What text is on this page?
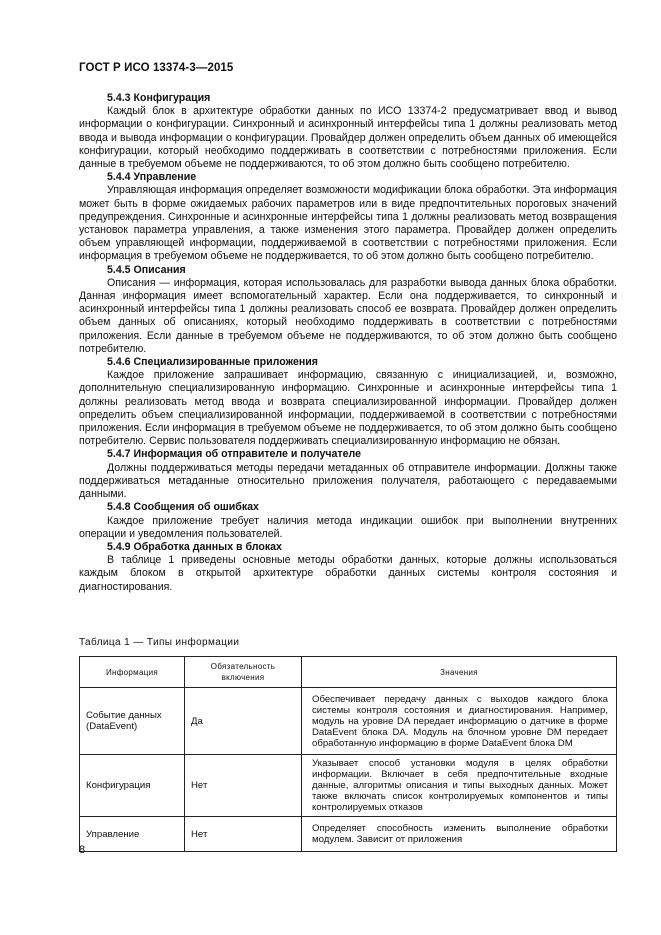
ГОСТ Р ИСО 13374-3—2015

5.4.3 Конфигурация

Каждый блок в архитектуре обработки данных по ИСО 13374-2 предусматривает ввод и вывод информации о конфигурации. Синхронный и асинхронный интерфейсы типа 1 должны реализовать метод ввода и вывода информации о конфигурации. Провайдер должен определить объем данных об имеющейся конфигурации, который необходимо поддерживать в соответствии с потребностями приложения. Если данные в требуемом объеме не поддерживаются, то об этом должно быть сообщено потребителю.

5.4.4 Управление

Управляющая информация определяет возможности модификации блока обработки. Эта информация может быть в форме ожидаемых рабочих параметров или в виде предпочтительных пороговых значений предупреждения. Синхронные и асинхронные интерфейсы типа 1 должны реализовать метод возвращения установок параметра управления, а также изменения этого параметра. Провайдер должен определить объем управляющей информации, поддерживаемой в соответствии с потребностями приложения. Если информация в требуемом объеме не поддерживается, то об этом должно быть сообщено потребителю.

5.4.5 Описания

Описания — информация, которая использовалась для разработки вывода данных блока обработки. Данная информация имеет вспомогательный характер. Если она поддерживается, то синхронный и асинхронный интерфейсы типа 1 должны реализовать способ ее возврата. Провайдер должен определить объем данных об описаниях, который необходимо поддерживать в соответствии с потребностями приложения. Если данные в требуемом объеме не поддерживаются, то об этом должно быть сообщено потребителю.

5.4.6 Специализированные приложения

Каждое приложение запрашивает информацию, связанную с инициализацией, и, возможно, дополнительную специализированную информацию. Синхронные и асинхронные интерфейсы типа 1 должны реализовать метод ввода и возврата специализированной информации. Провайдер должен определить объем специализированной информации, поддерживаемой в соответствии с потребностями приложения. Если информация в требуемом объеме не поддерживается, то об этом должно быть сообщено потребителю. Сервис пользователя поддерживать специализированную информацию не обязан.

5.4.7 Информация об отправителе и получателе

Должны поддерживаться методы передачи метаданных об отправителе информации. Должны также поддерживаться метаданные относительно приложения получателя, работающего с передаваемыми данными.

5.4.8 Сообщения об ошибках

Каждое приложение требует наличия метода индикации ошибок при выполнении внутренних операции и уведомления пользователей.

5.4.9 Обработка данных в блоках

В таблице 1 приведены основные методы обработки данных, которые должны использоваться каждым блоком в открытой архитектуре обработки данных системы контроля состояния и диагностирования.

Таблица 1 — Типы информации
Информация	Обязательность включения	Значения
Событие данных (DataEvent)	Да	Обеспечивает передачу данных с выходов каждого блока системы контроля состояния и диагностирования. Например, модуль на уровне DA передает информацию о датчике в форме DataEvent блока DA. Модуль на блочном уровне DM передает обработанную информацию в форме DataEvent блока DM
Конфигурация	Нет	Указывает способ установки модуля в целях обработки информации. Включает в себя предпочтительные входные данные, алгоритмы описания и типы выходных данных. Может также включать список контролируемых компонентов и типы контролируемых отказов
Управление	Нет	Определяет способность изменить выполнение обработки модулем. Зависит от приложения
8
